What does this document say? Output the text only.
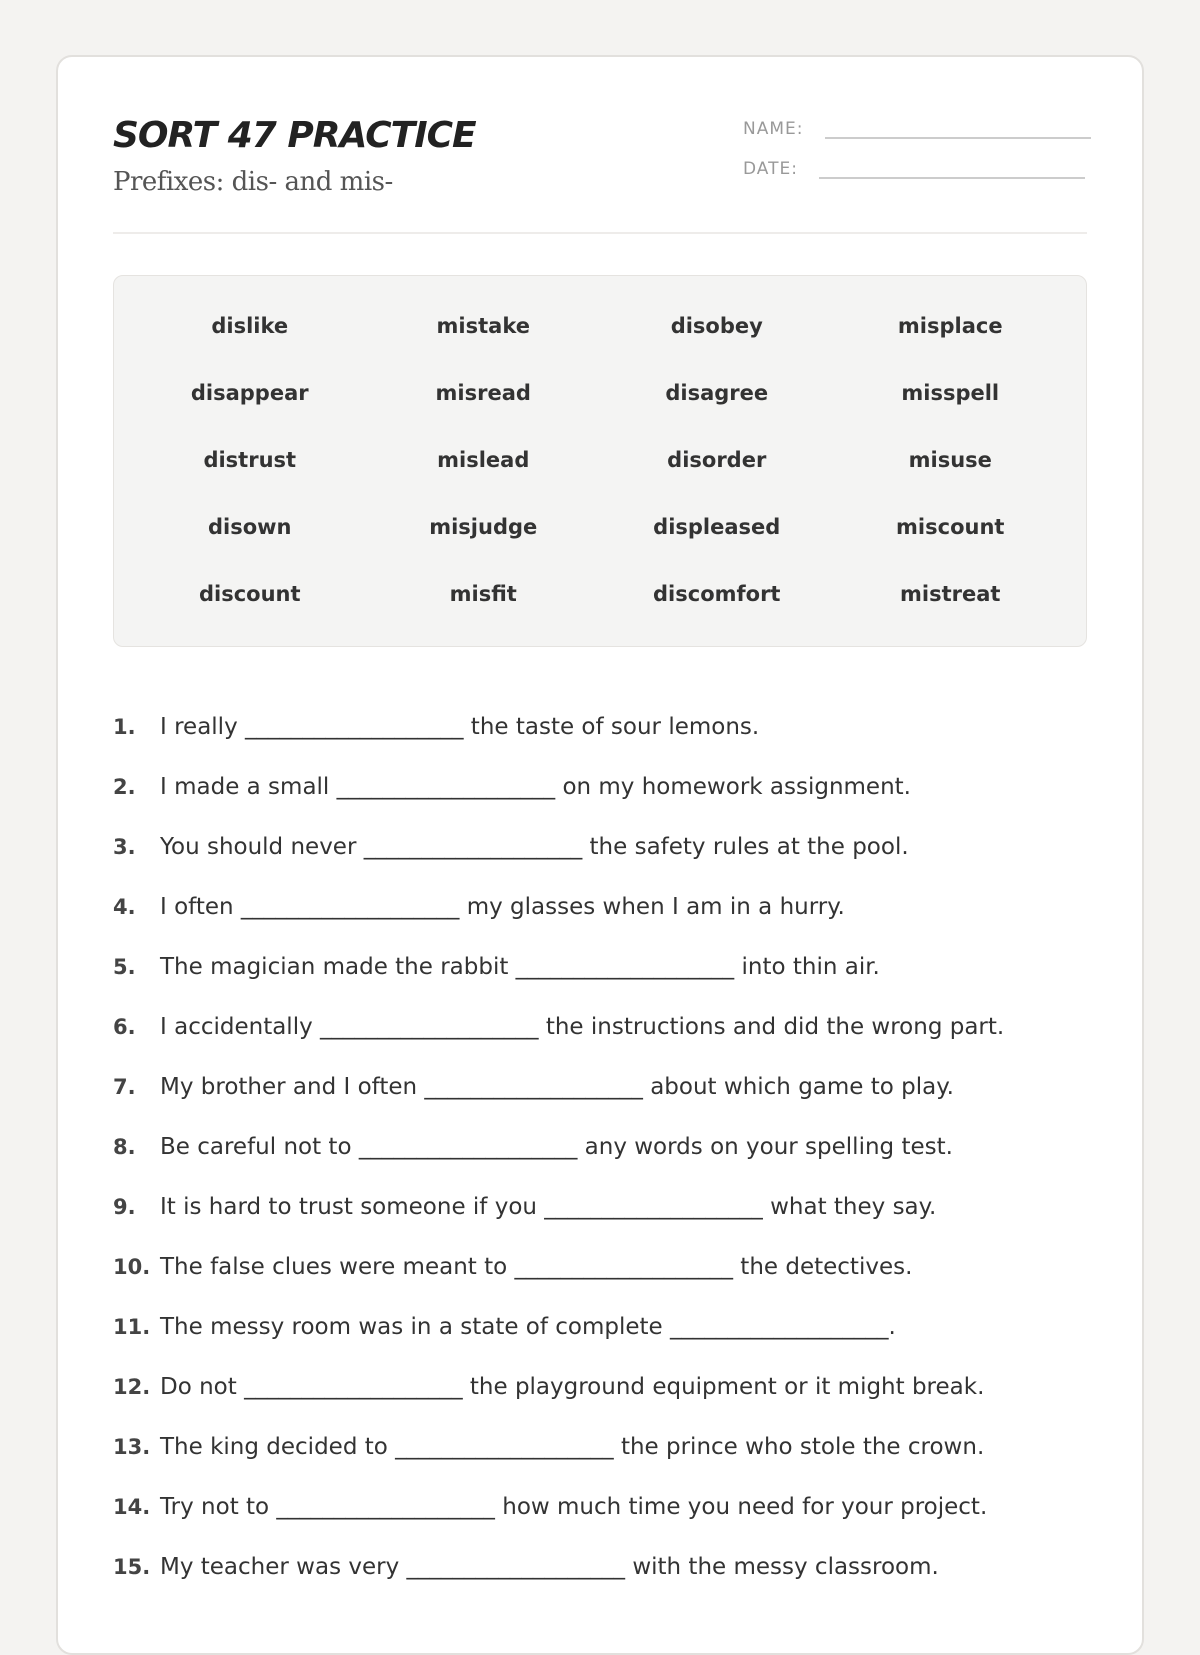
SORT 47 PRACTICE
Prefixes: dis- and mis-
NAME:
DATE:
dislike	mistake	disobey	misplace
disappear	misread	disagree	misspell
distrust	mislead	disorder	misuse
disown	misjudge	displeased	miscount
discount	misfit	discomfort	mistreat
1.	I really ___________________ the taste of sour lemons.
2.	I made a small ___________________ on my homework assignment.
3.	You should never ___________________ the safety rules at the pool.
4.	I often ___________________ my glasses when I am in a hurry.
5.	The magician made the rabbit ___________________ into thin air.
6.	I accidentally ___________________ the instructions and did the wrong part.
7.	My brother and I often ___________________ about which game to play.
8.	Be careful not to ___________________ any words on your spelling test.
9.	It is hard to trust someone if you ___________________ what they say.
10. The false clues were meant to ___________________ the detectives.
11. The messy room was in a state of complete ___________________.
12. Do not ___________________ the playground equipment or it might break.
13. The king decided to ___________________ the prince who stole the crown.
14. Try not to ___________________ how much time you need for your project.
15. My teacher was very ___________________ with the messy classroom.
